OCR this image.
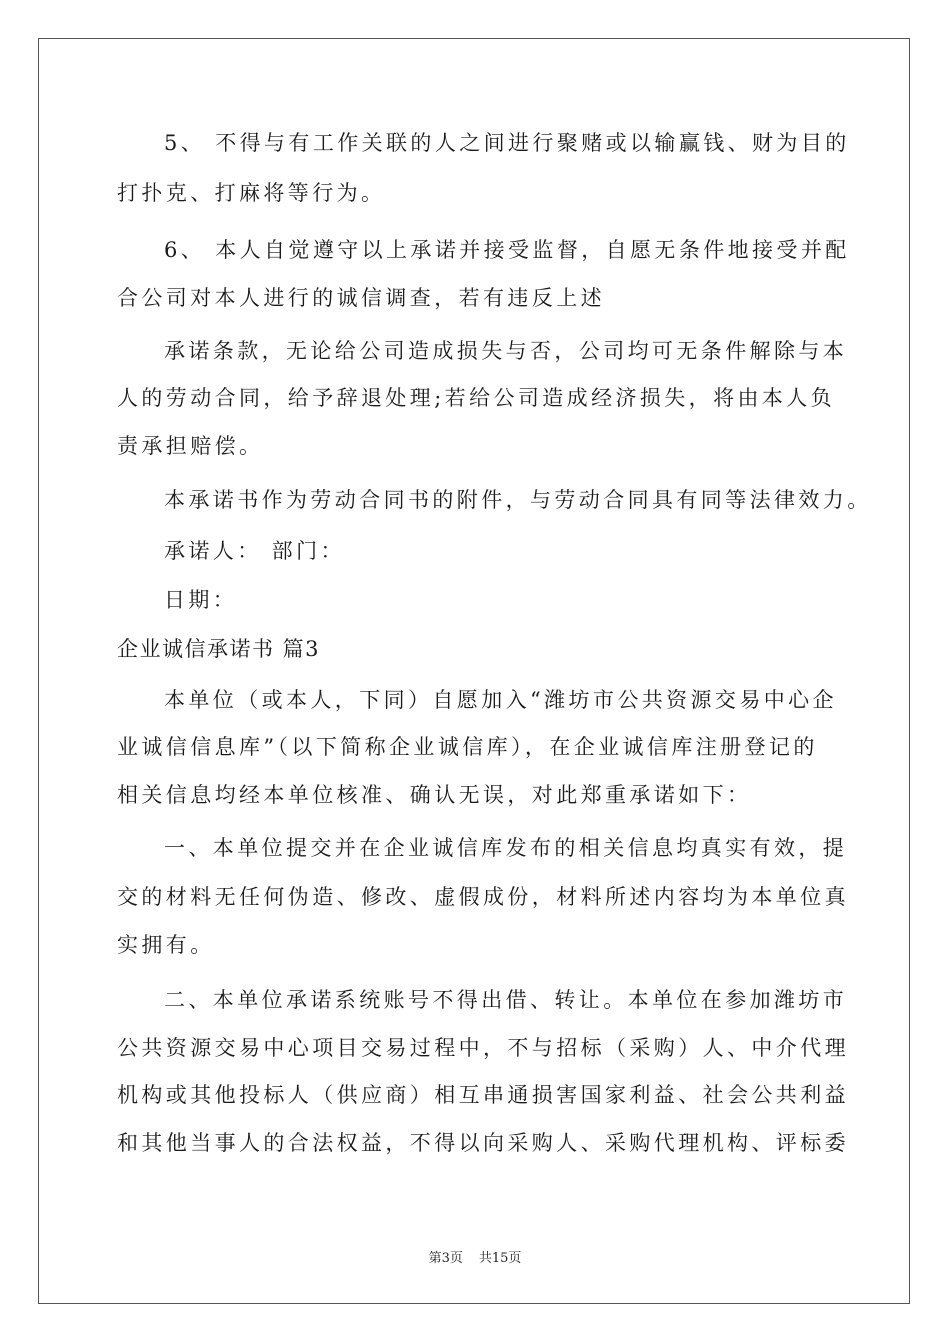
5、 不得与有工作关联的人之间进行聚赌或以输赢钱、财为目的
打扑克、打麻将等行为。
6、 本人自觉遵守以上承诺并接受监督，自愿无条件地接受并配
合公司对本人进行的诚信调查，若有违反上述
承诺条款，无论给公司造成损失与否，公司均可无条件解除与本
人的劳动合同，给予辞退处理;若给公司造成经济损失，将由本人负
责承担赔偿。
本承诺书作为劳动合同书的附件，与劳动合同具有同等法律效力。
承诺人： 部门：
日期：
企业诚信承诺书 篇3
本单位（或本人，下同）自愿加入“潍坊市公共资源交易中心企
业诚信信息库”（以下简称企业诚信库），在企业诚信库注册登记的
相关信息均经本单位核准、确认无误，对此郑重承诺如下：
一、本单位提交并在企业诚信库发布的相关信息均真实有效，提
交的材料无任何伪造、修改、虚假成份，材料所述内容均为本单位真
实拥有。
二、本单位承诺系统账号不得出借、转让。本单位在参加潍坊市
公共资源交易中心项目交易过程中，不与招标（采购）人、中介代理
机构或其他投标人（供应商）相互串通损害国家利益、社会公共利益
和其他当事人的合法权益，不得以向采购人、采购代理机构、评标委
第3页 共15页
